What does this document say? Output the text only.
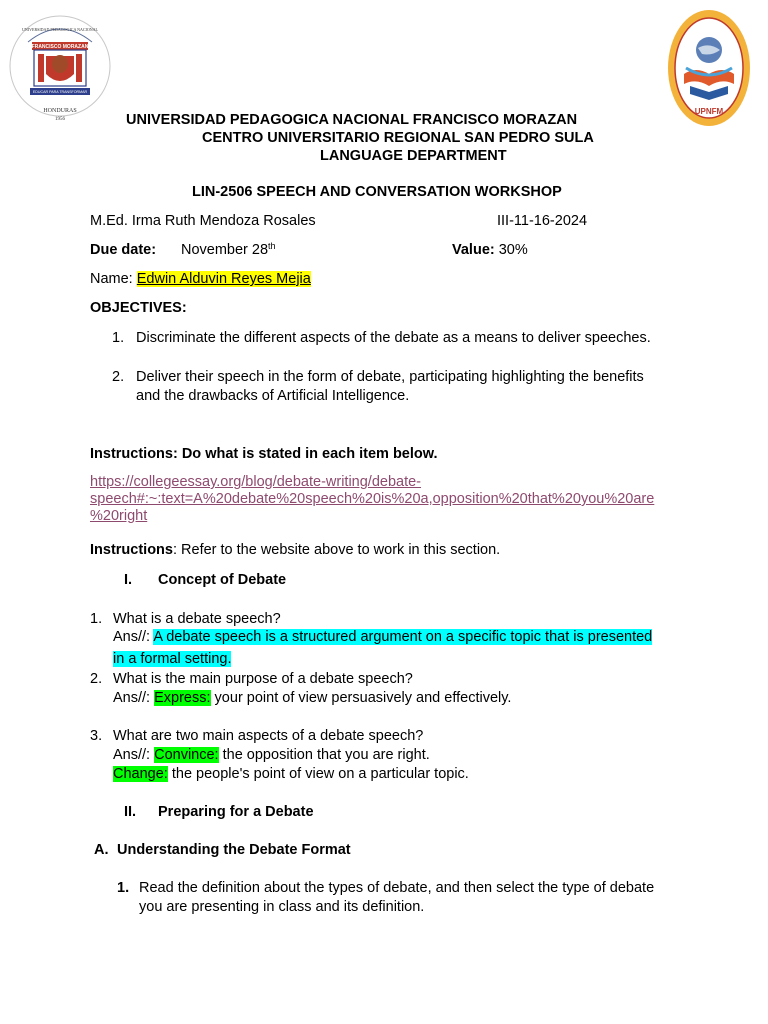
UNIVERSIDAD PEDAGOGICA NACIONAL
FRANCISCO MORAZAN
EDUCAR PARA TRANSFORMAR
HONDURAS
1956
UPNFM
UNIVERSIDAD PEDAGOGICA NACIONAL FRANCISCO MORAZAN
CENTRO UNIVERSITARIO REGIONAL SAN PEDRO SULA
LANGUAGE DEPARTMENT
LIN-2506 SPEECH AND CONVERSATION WORKSHOP
M.Ed. Irma Ruth Mendoza Rosales	III-11-16-2024
Due date: November 28th	Value: 30%
Name: Edwin Alduvin Reyes Mejia
OBJECTIVES:
1. Discriminate the different aspects of the debate as a means to deliver speeches.
2. Deliver their speech in the form of debate, participating highlighting the benefits
and the drawbacks of Artificial Intelligence.
Instructions: Do what is stated in each item below.
https://collegeessay.org/blog/debate-writing/debate-
speech#:~:text=A%20debate%20speech%20is%20a,opposition%20that%20you%20are
%20right
Instructions: Refer to the website above to work in this section.
I. Concept of Debate
1. What is a debate speech?
Ans//: A debate speech is a structured argument on a specific topic that is presented
in a formal setting.
2. What is the main purpose of a debate speech?
Ans//: Express: your point of view persuasively and effectively.
3. What are two main aspects of a debate speech?
Ans//: Convince: the opposition that you are right.
Change: the people's point of view on a particular topic.
II. Preparing for a Debate
A. Understanding the Debate Format
1. Read the definition about the types of debate, and then select the type of debate
you are presenting in class and its definition.
